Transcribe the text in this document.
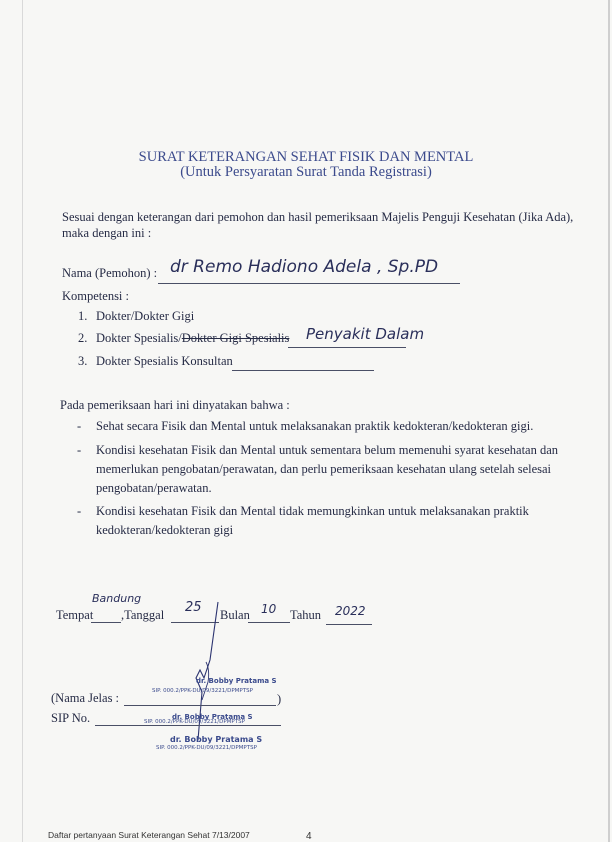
SURAT KETERANGAN SEHAT FISIK DAN MENTAL
(Untuk Persyaratan Surat Tanda Registrasi)
Sesuai dengan keterangan dari pemohon dan hasil pemeriksaan Majelis Penguji Kesehatan (Jika Ada),
maka dengan ini :
Nama (Pemohon) : dr Remo Hadiono Adela , Sp.PD
Kompetensi :
1. Dokter/Dokter Gigi
2. Dokter Spesialis/Dokter Gigi Spesialis Penyakit Dalam
3. Dokter Spesialis Konsultan
Pada pemeriksaan hari ini dinyatakan bahwa :
- Sehat secara Fisik dan Mental untuk melaksanakan praktik kedokteran/kedokteran gigi.
- Kondisi kesehatan Fisik dan Mental untuk sementara belum memenuhi syarat kesehatan dan
memerlukan pengobatan/perawatan, dan perlu pemeriksaan kesehatan ulang setelah selesai
pengobatan/perawatan.
- Kondisi kesehatan Fisik dan Mental tidak memungkinkan untuk melaksanakan praktik
kedokteran/kedokteran gigi
Tempat
Bandung
,Tanggal 25 Bulan 10 Tahun 2022
(Nama Jelas :	)
dr. Bobby Pratama S
SIP. 000.2/PPK-DU/09/3221/DPMPTSP
SIP No.	dr. Bobby Pratama S
SIP. 000.2/PPK-DU/09/3221/DPMPTSP
dr. Bobby Pratama S
SIP. 000.2/PPK-DU/09/3221/DPMPTSP
Daftar pertanyaan Surat Keterangan Sehat 7/13/2007	4
